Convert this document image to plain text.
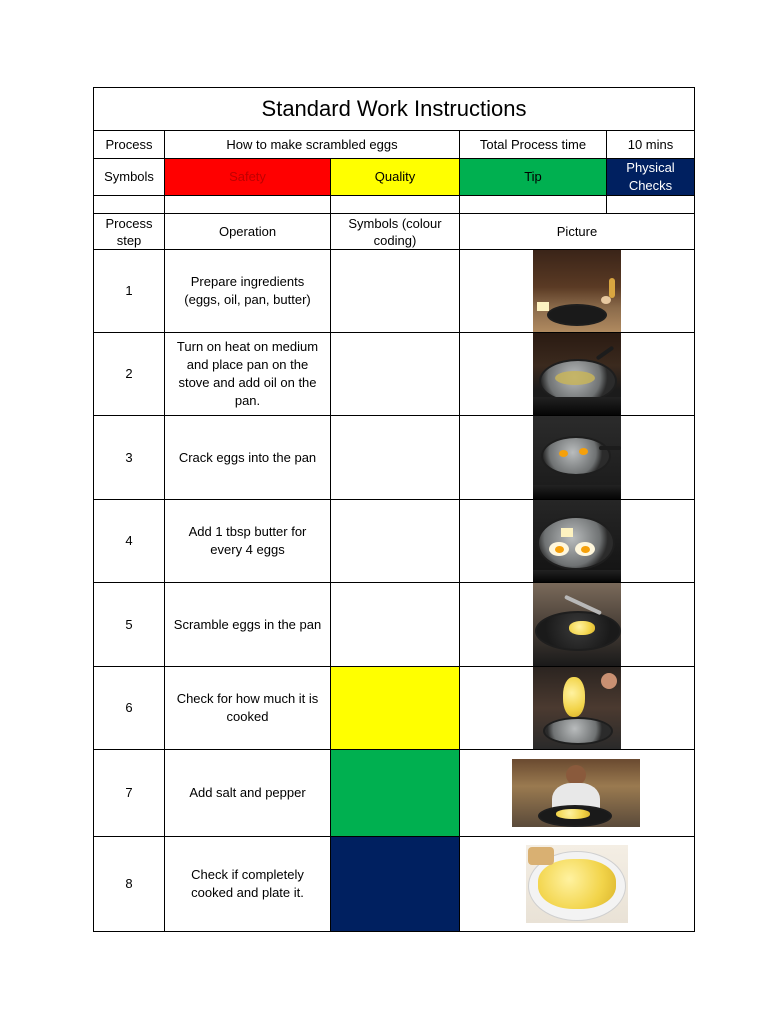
Standard Work Instructions				
Process	How to make scrambled eggs		Total Process time	10 mins
Symbols	Safety	Quality	Tip	Physical Checks

Process step	Operation	Symbols (colour coding)	Picture	
1	Prepare ingredients (eggs, oil, pan, butter)			

2	Turn on heat on medium and place pan on the stove and add oil on the pan.			

3	Crack eggs into the pan			

4	Add 1 tbsp butter for every 4 eggs			

5	Scramble eggs in the pan			

6	Check for how much it is cooked			

7	Add salt and pepper			

8	Check if completely cooked and plate it.			
